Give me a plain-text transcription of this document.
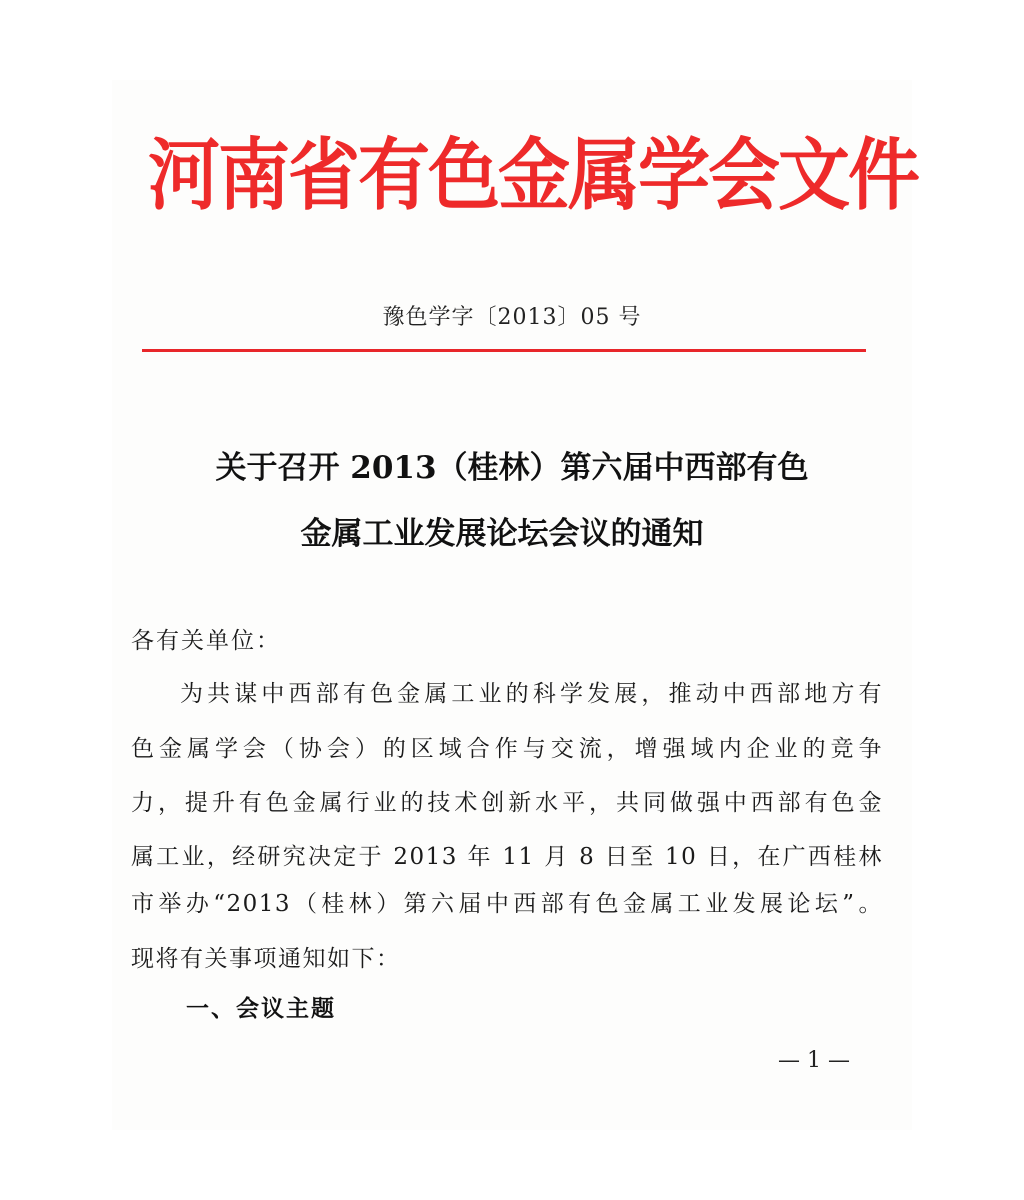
河南省有色金属学会文件
豫色学字〔2013〕05 号
关于召开 2013（桂林）第六届中西部有色
金属工业发展论坛会议的通知
各有关单位：
为共谋中西部有色金属工业的科学发展，推动中西部地方有
色金属学会（协会）的区域合作与交流，增强域内企业的竞争
力，提升有色金属行业的技术创新水平，共同做强中西部有色金
属工业，经研究决定于 2013 年 11 月 8 日至 10 日，在广西桂林
市举办“2013（桂林）第六届中西部有色金属工业发展论坛”。
现将有关事项通知如下：
一、会议主题
— 1 —
